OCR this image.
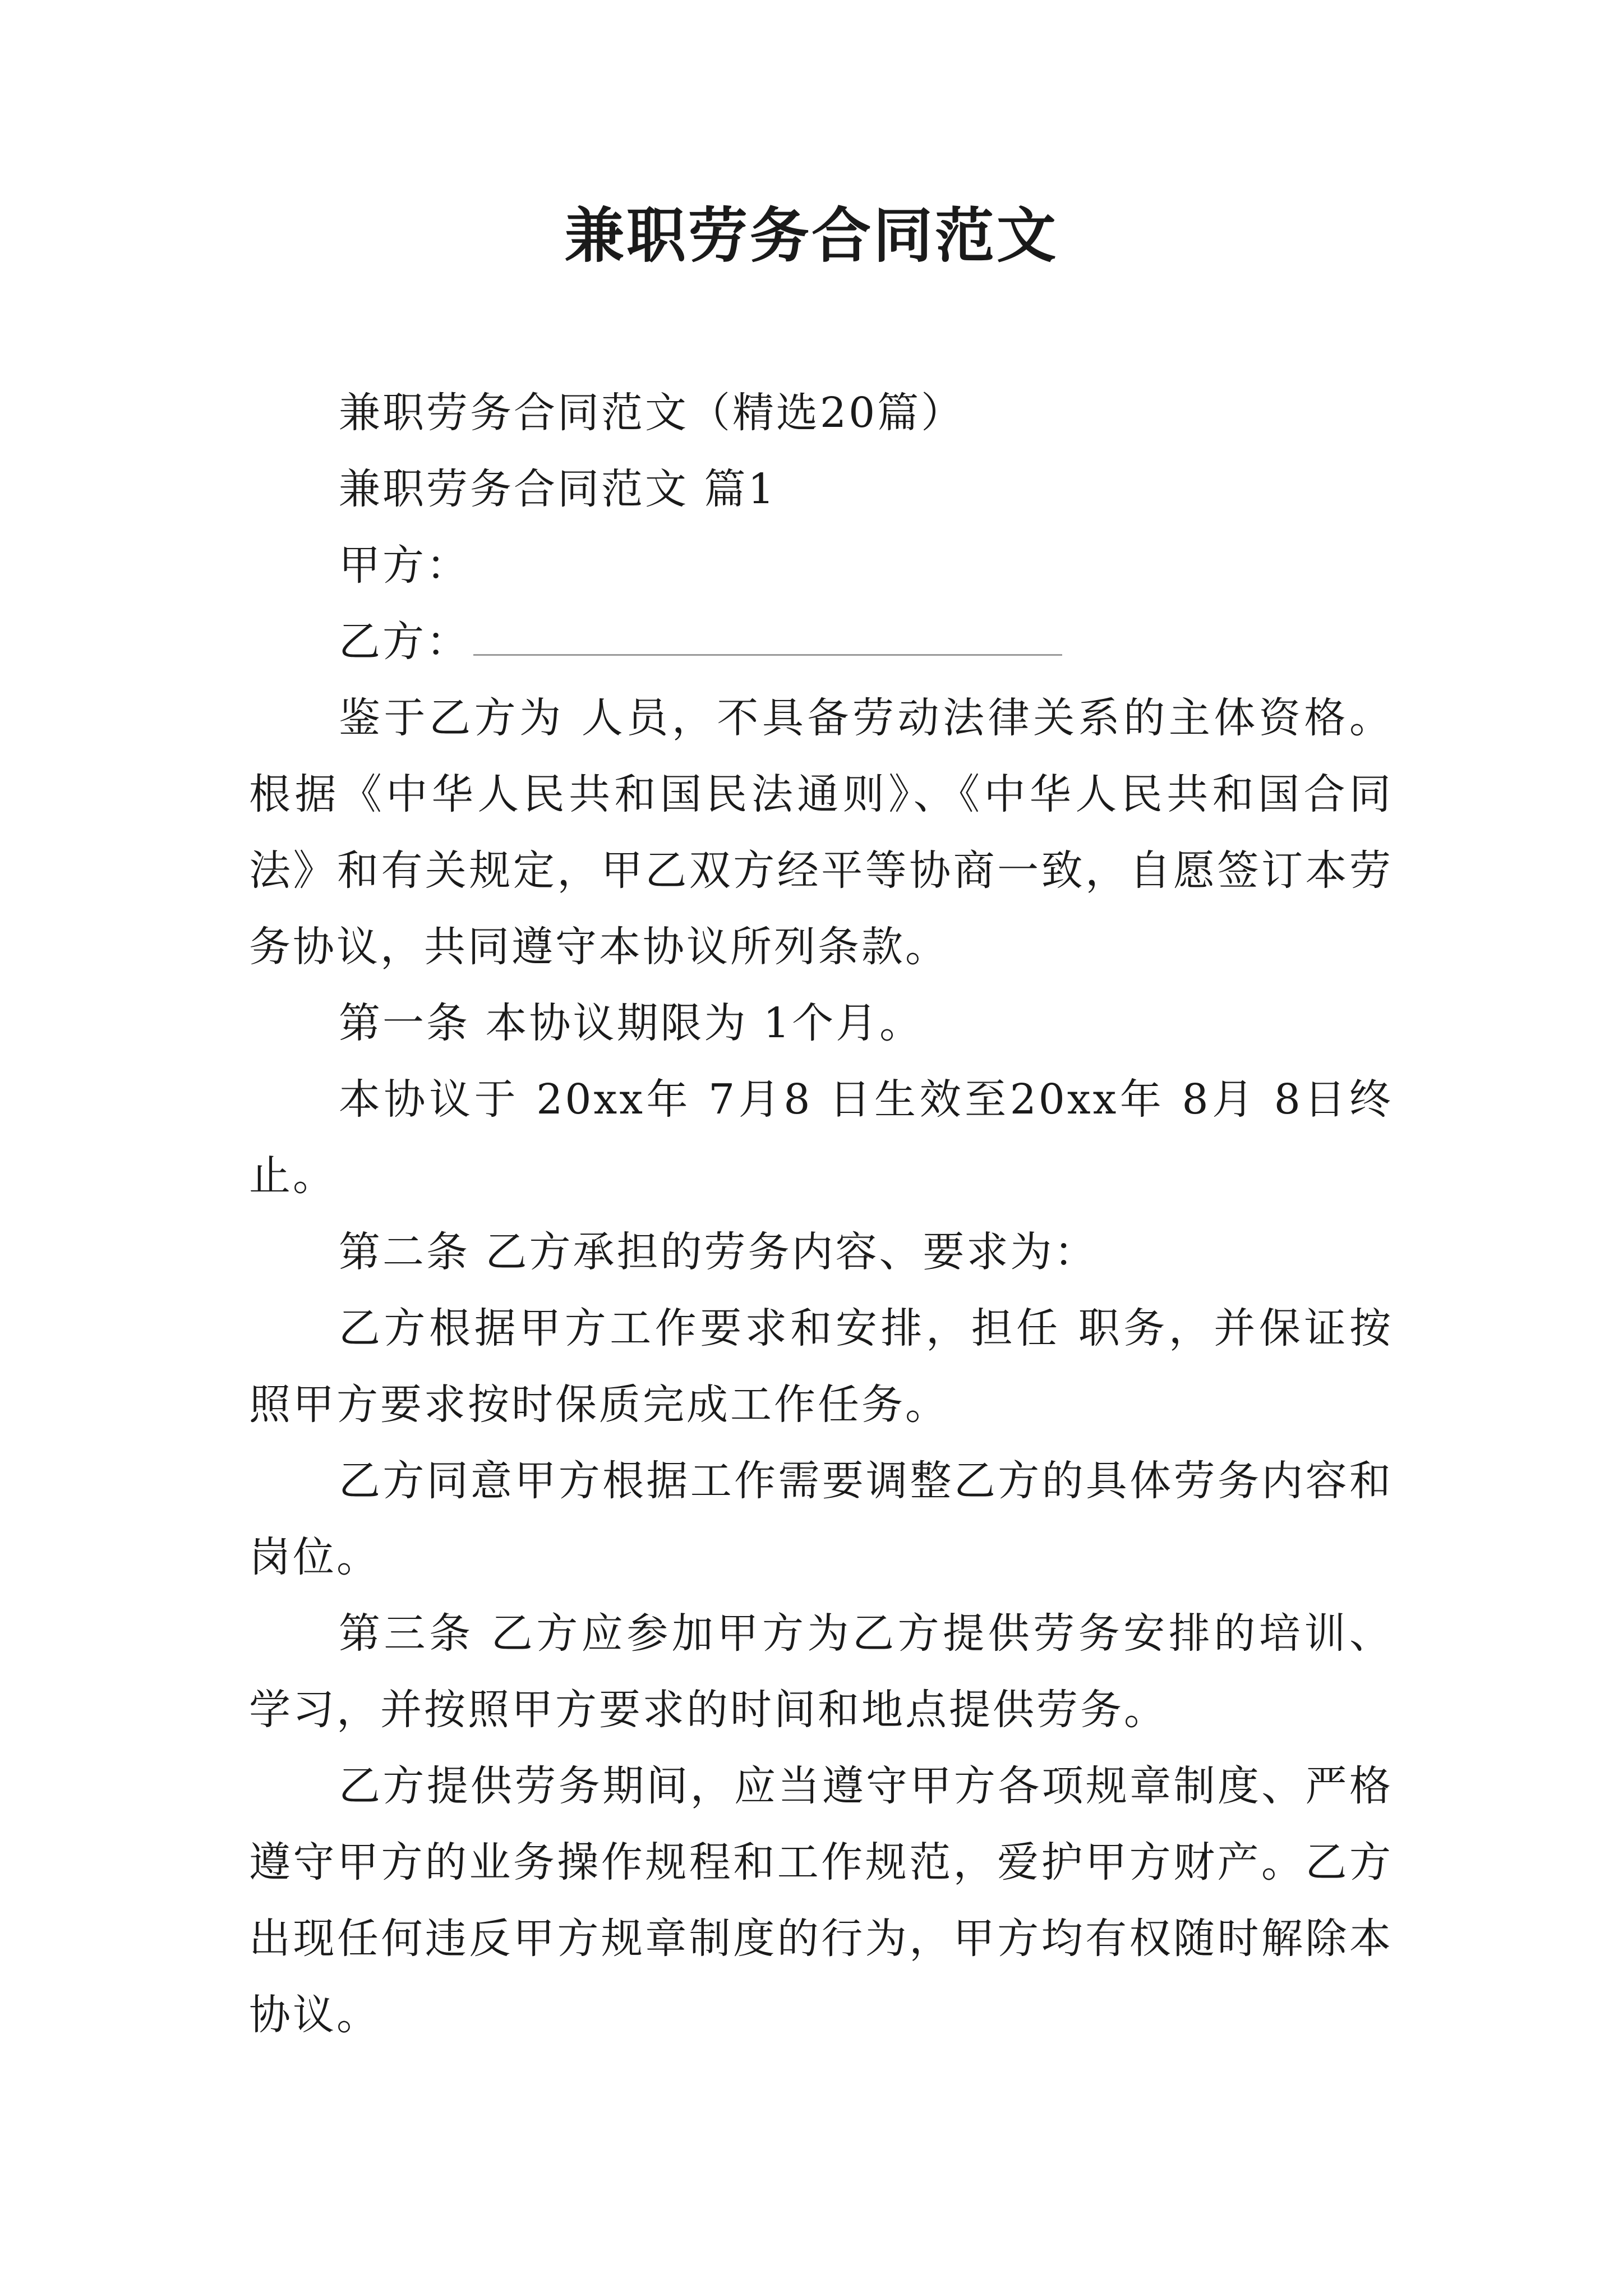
兼职劳务合同范文

兼职劳务合同范文（精选20篇）

兼职劳务合同范文 篇1

甲方：

乙方：

鉴于乙方为 人员，不具备劳动法律关系的主体资格。根据《中华人民共和国民法通则》、《中华人民共和国合同法》和有关规定，甲乙双方经平等协商一致，自愿签订本劳务协议，共同遵守本协议所列条款。

第一条 本协议期限为 1个月。

本协议于 20xx年 7月8 日生效至20xx年 8月 8日终止。

第二条 乙方承担的劳务内容、要求为：

乙方根据甲方工作要求和安排，担任 职务，并保证按照甲方要求按时保质完成工作任务。

乙方同意甲方根据工作需要调整乙方的具体劳务内容和岗位。

第三条 乙方应参加甲方为乙方提供劳务安排的培训、学习，并按照甲方要求的时间和地点提供劳务。

乙方提供劳务期间，应当遵守甲方各项规章制度、严格遵守甲方的业务操作规程和工作规范，爱护甲方财产。乙方出现任何违反甲方规章制度的行为，甲方均有权随时解除本协议。
